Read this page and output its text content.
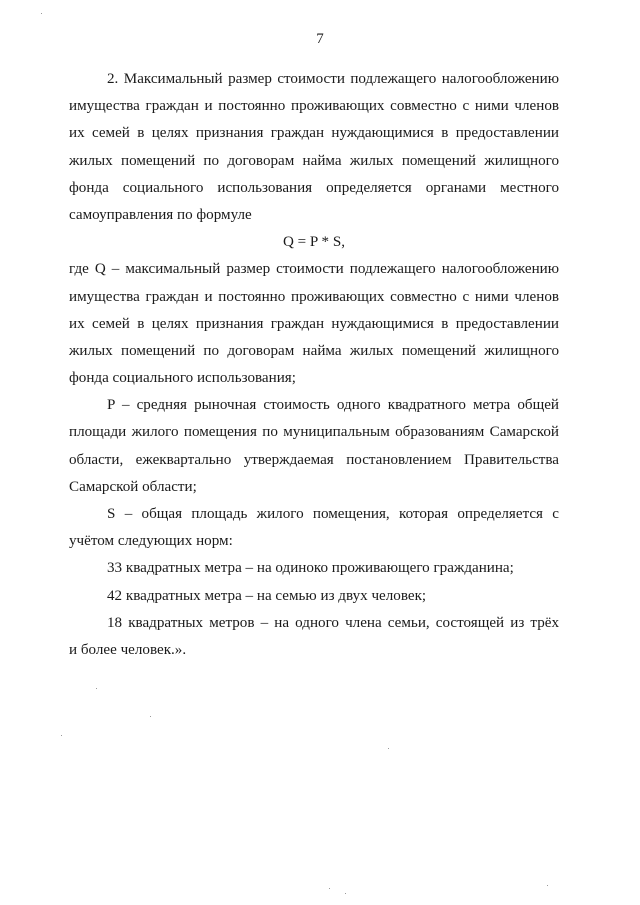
7
2. Максимальный размер стоимости подлежащего налогообложению
имущества граждан и постоянно проживающих совместно с ними членов
их семей в целях признания граждан нуждающимися в предоставлении
жилых помещений по договорам найма жилых помещений жилищного
фонда социального использования определяется органами местного
самоуправления по формуле
Q = P * S,
где Q – максимальный размер стоимости подлежащего налогообложению
имущества граждан и постоянно проживающих совместно с ними членов
их семей в целях признания граждан нуждающимися в предоставлении
жилых помещений по договорам найма жилых помещений жилищного
фонда социального использования;
P – средняя рыночная стоимость одного квадратного метра общей
площади жилого помещения по муниципальным образованиям Самарской
области, ежеквартально утверждаемая постановлением Правительства
Самарской области;
S – общая площадь жилого помещения, которая определяется с
учётом следующих норм:
33 квадратных метра – на одиноко проживающего гражданина;
42 квадратных метра – на семью из двух человек;
18 квадратных метров – на одного члена семьи, состоящей из трёх
и более человек.».
